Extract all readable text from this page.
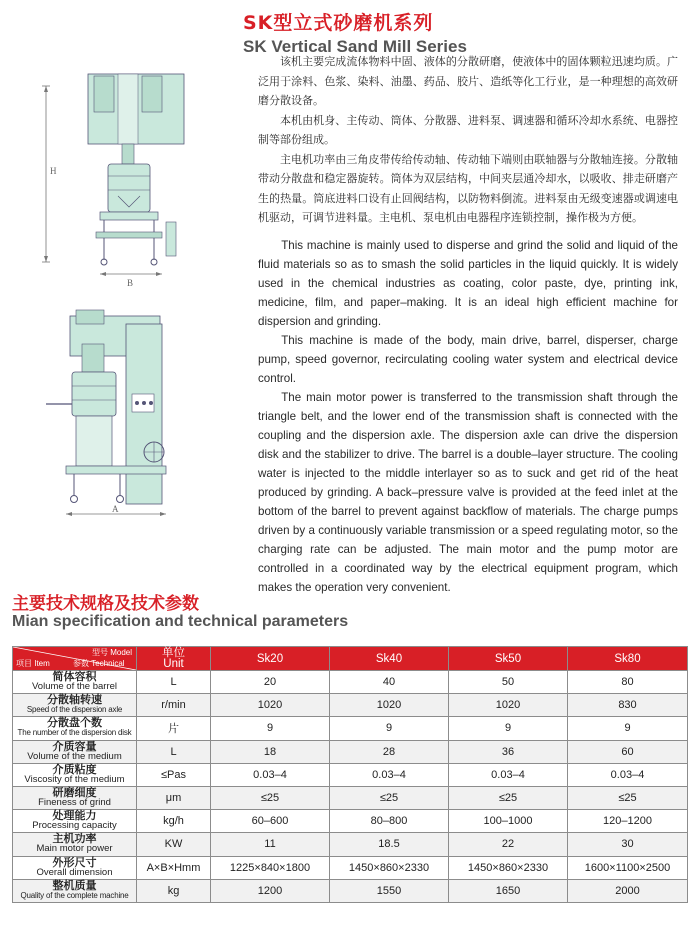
SK型立式砂磨机系列
SK Vertical Sand Mill Series
H
B
A

该机主要完成流体物料中固、液体的分散研磨，使液体中的固体颗粒迅速均质。广泛用于涂料、色浆、染料、油墨、药品、胶片、造纸等化工行业，是一种理想的高效研磨分散设备。

本机由机身、主传动、筒体、分散器、进料泵、调速器和循环冷却水系统、电器控制等部份组成。

主电机功率由三角皮带传给传动轴、传动轴下端则由联轴器与分散轴连接。分散轴带动分散盘和稳定器旋转。筒体为双层结构，中间夹层通冷却水，以吸收、排走研磨产生的热量。筒底进料口设有止回阀结构，以防物料倒流。进料泵由无级变速器或调速电机驱动，可调节进料量。主电机、泵电机由电器程序连锁控制，操作极为方便。

This machine is mainly used to disperse and grind the solid and liquid of the fluid materials so as to smash the solid particles in the liquid quickly. It is widely used in the chemical industries as coating, color paste, dye, printing ink, medicine, film, and paper–making. It is an ideal high efficient machine for dispersion and grinding.

This machine is made of the body, main drive, barrel, disperser, charge pump, speed governor, recirculating cooling water system and electrical device control.

The main motor power is transferred to the transmission shaft through the triangle belt, and the lower end of the transmission shaft is connected with the coupling and the dispersion axle. The dispersion axle can drive the dispersion disk and the stabilizer to drive. The barrel is a double–layer structure. The cooling water is injected to the middle interlayer so as to suck and get rid of the heat produced by grinding. A back–pressure valve is provided at the feed inlet at the bottom of the barrel to prevent against backflow of materials. The charge pumps driven by a continuously variable transmission or a speed regulating motor, so the charging rate can be adjusted. The main motor and the pump motor are controlled in a coordinated way by the electrical equipment program, which makes the operation very convenient.

主要技术规格及技术参数
Mian specification and technical parameters
型号 Model
项目 Item 参数 Technical	单位
Unit	Sk20	Sk40	Sk50	Sk80

简体容积
Volume of the barrel	L	20	40	50	80

分散轴转速
Speed of the dispersion axle	r/min	1020	1020	1020	830

分散盘个数
The number of the dispersion disk	片	9	9	9	9

介质容量
Volume of the medium	L	18	28	36	60

介质粘度
Viscosity of the medium	≤Pas	0.03–4	0.03–4	0.03–4	0.03–4

研磨细度
Fineness of grind	μm	≤25	≤25	≤25	≤25

处理能力
Processing capacity	kg/h	60–600	80–800	100–1000	120–1200

主机功率
Main motor power	KW	11	18.5	22	30

外形尺寸
Overall dimension	A×B×Hmm	1225×840×1800	1450×860×2330	1450×860×2330	1600×1100×2500

整机质量
Quality of the complete machine	kg	1200	1550	1650	2000
